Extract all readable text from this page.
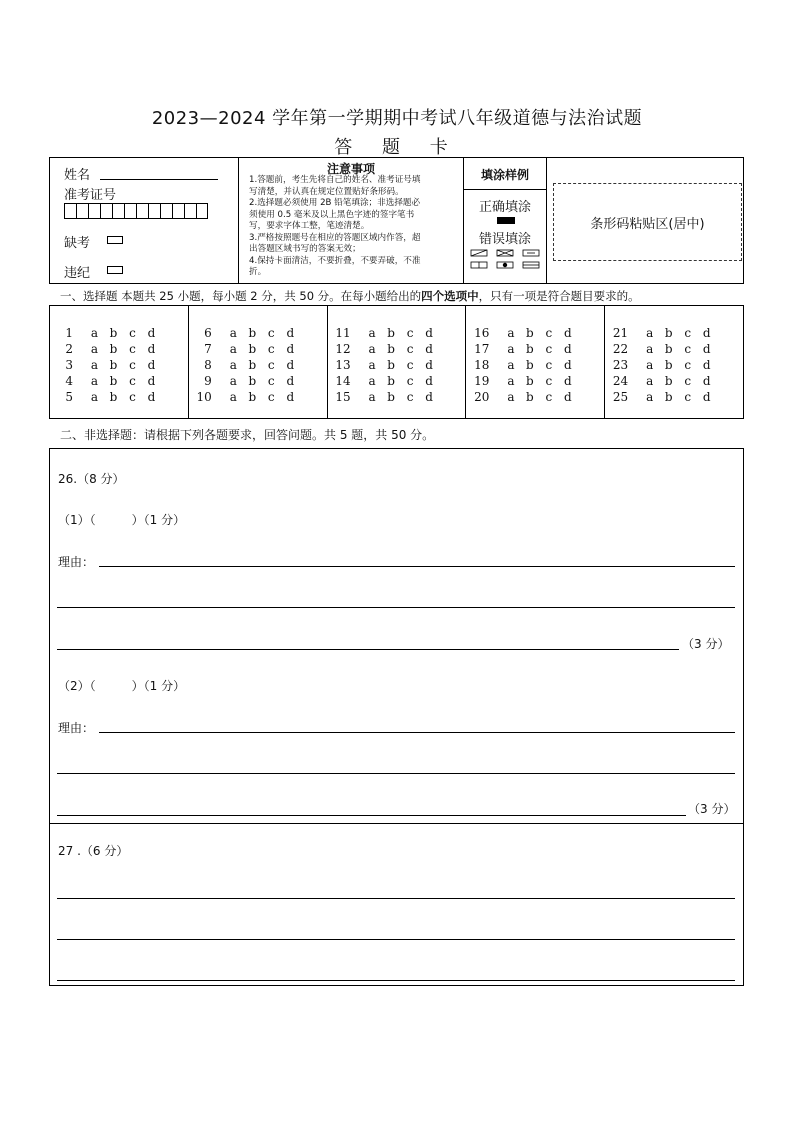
2023—2024 学年第一学期期中考试八年级道德与法治试题
答 题 卡
姓名
准考证号
缺考
违纪
注意事项
1.答题前，考生先将自己的姓名、准考证号填
写清楚，并认真在规定位置贴好条形码。
2.选择题必须使用 2B 铅笔填涂；非选择题必
须使用 0.5 毫米及以上黑色字迹的签字笔书
写，要求字体工整，笔迹清楚。
3.严格按照题号在相应的答题区域内作答，超
出答题区域书写的答案无效；
4.保持卡面清洁，不要折叠，不要弄破，不准
折。
填涂样例
正确填涂
错误填涂
条形码粘贴区(居中)
一、选择题 本题共 25 小题，每小题 2 分，共 50 分。在每小题给出的四个选项中，只有一项是符合题目要求的。
1	a b c d
2	a b c d
3	a b c d
4	a b c d
5	a b c d
6	a b c d
7	a b c d
8	a b c d
9	a b c d
10	a b c d
11	a b c d
12	a b c d
13	a b c d
14	a b c d
15	a b c d
16	a b c d
17	a b c d
18	a b c d
19	a b c d
20	a b c d
21	a b c d
22	a b c d
23	a b c d
24	a b c d
25	a b c d
二、非选择题：请根据下列各题要求，回答问题。共 5 题，共 50 分。
26.（8 分）
（1）（　　　）（1 分）
理由：
（3 分）
（2）（　　　）（1 分）
理由：
（3 分）
27 .（6 分）
